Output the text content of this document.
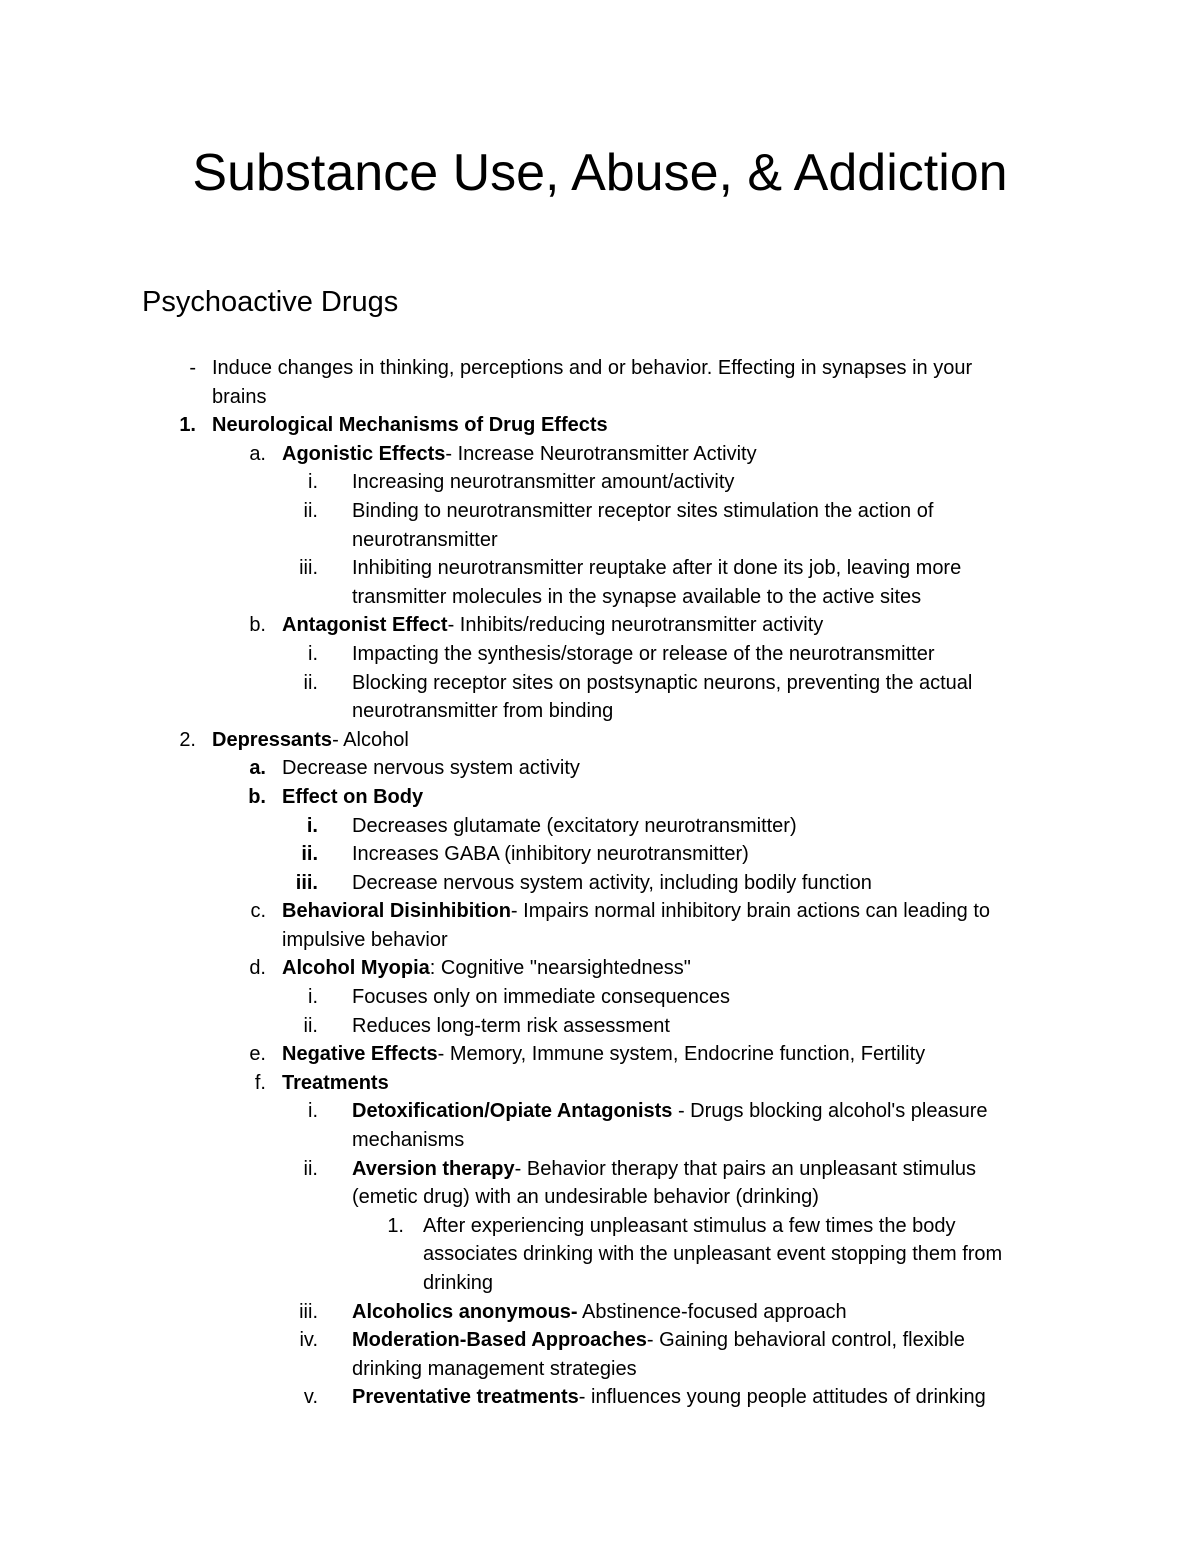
Substance Use, Abuse, & Addiction
Psychoactive Drugs
- Induce changes in thinking, perceptions and or behavior. Effecting in synapses in your
brains
1. Neurological Mechanisms of Drug Effects
a. Agonistic Effects- Increase Neurotransmitter Activity
i. Increasing neurotransmitter amount/activity
ii. Binding to neurotransmitter receptor sites stimulation the action of
neurotransmitter
iii. Inhibiting neurotransmitter reuptake after it done its job, leaving more
transmitter molecules in the synapse available to the active sites
b. Antagonist Effect- Inhibits/reducing neurotransmitter activity
i. Impacting the synthesis/storage or release of the neurotransmitter
ii. Blocking receptor sites on postsynaptic neurons, preventing the actual
neurotransmitter from binding
2. Depressants- Alcohol
a. Decrease nervous system activity
b. Effect on Body
i. Decreases glutamate (excitatory neurotransmitter)
ii. Increases GABA (inhibitory neurotransmitter)
iii. Decrease nervous system activity, including bodily function
c. Behavioral Disinhibition- Impairs normal inhibitory brain actions can leading to
impulsive behavior
d. Alcohol Myopia: Cognitive "nearsightedness"
i. Focuses only on immediate consequences
ii. Reduces long-term risk assessment
e. Negative Effects- Memory, Immune system, Endocrine function, Fertility
f. Treatments
i. Detoxification/Opiate Antagonists - Drugs blocking alcohol's pleasure
mechanisms
ii. Aversion therapy- Behavior therapy that pairs an unpleasant stimulus
(emetic drug) with an undesirable behavior (drinking)
1. After experiencing unpleasant stimulus a few times the body
associates drinking with the unpleasant event stopping them from
drinking
iii. Alcoholics anonymous- Abstinence-focused approach
iv. Moderation-Based Approaches- Gaining behavioral control, flexible
drinking management strategies
v. Preventative treatments- influences young people attitudes of drinking
